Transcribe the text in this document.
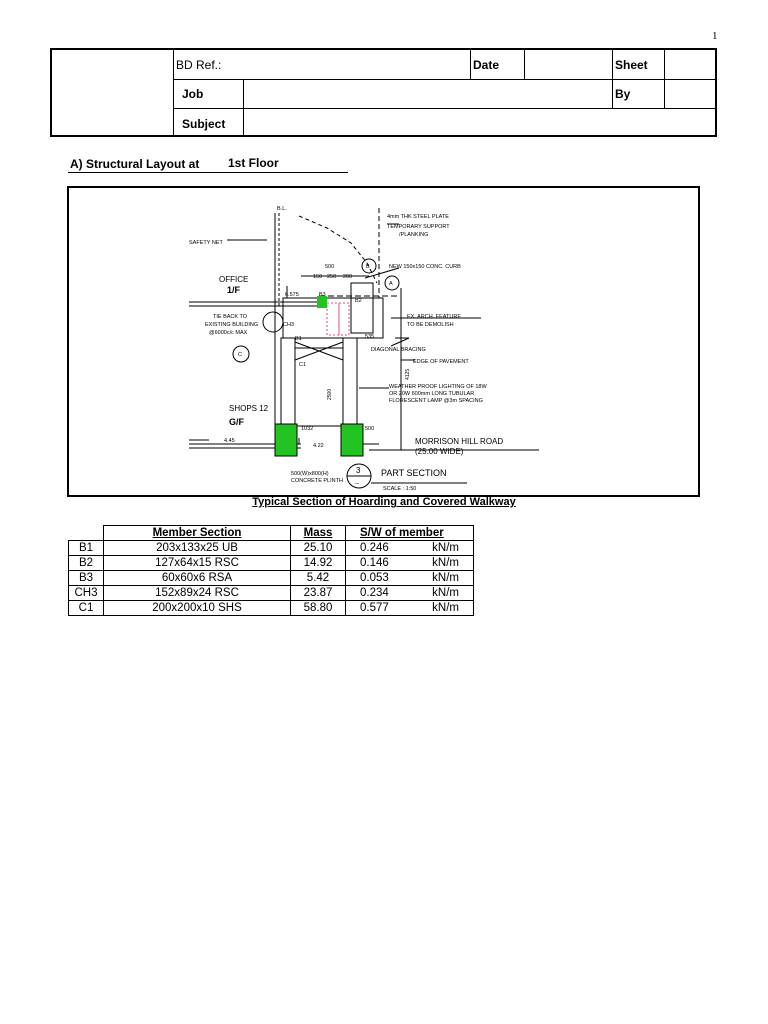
1
BD Ref.:	Date	Sheet
Job	By
Subject
A) Structural Layout at 1st Floor
B.L.
4mm THK STEEL PLATE
TEMPORARY SUPPORT
/PLANKING
SAFETY NET
500
150 250 200
6.575
NEW 150x150 CONC. CURB
B
A
C
TIE BACK TO
EXISTING BUILDING
@6000c/c MAX
EX. ARCH. FEATURE
TO BE DEMOLISH
535
DIAGONAL BRACING
EDGE OF PAVEMENT
WEATHER PROOF LIGHTING OF 18W
OR 20W 600mm LONG TUBULAR
FLORESCENT LAMP @3m SPACING
1032	500
4.45
4.22
500(W)x800(H)
CONCRETE PLINTH
SCALE : 1:50
B3
B2
B1
CH3
C1
2500
4125
OFFICE
SHOPS 12
MORRISON HILL ROAD
(25.00 WIDE)
PART SECTION
3
--
1/F
G/F
Typical Section of Hoarding and Covered Walkway
	Member Section	Mass	S/W of member
B1	203x133x25 UB	25.10	0.246 kN/m

B2	127x64x15 RSC	14.92	0.146 kN/m

B3	60x60x6 RSA	5.42	0.053 kN/m

CH3	152x89x24 RSC	23.87	0.234 kN/m

C1	200x200x10 SHS	58.80	0.577 kN/m
